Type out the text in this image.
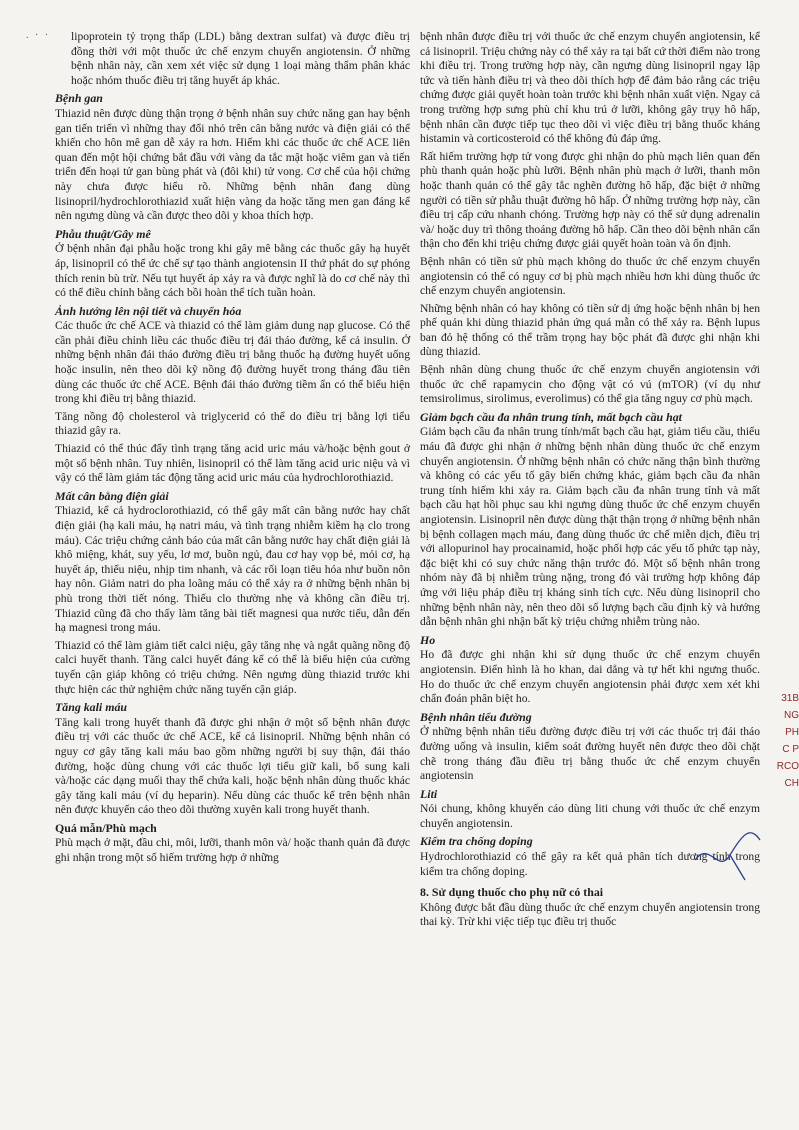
. · ·	lipoprotein tỷ trọng thấp (LDL) bằng dextran sulfat) và được điều trị đồng thời với một thuốc ức chế enzym chuyển angiotensin. Ở những bệnh nhân này, cần xem xét việc sử dụng 1 loại màng thẩm phân khác hoặc nhóm thuốc điều trị tăng huyết áp khác.

Bệnh gan

Thiazid nên được dùng thận trọng ở bệnh nhân suy chức năng gan hay bệnh gan tiến triển vì những thay đổi nhỏ trên cân bằng nước và điện giải có thể khiến cho hôn mê gan dễ xảy ra hơn. Hiếm khi các thuốc ức chế ACE liên quan đến một hội chứng bắt đầu với vàng da tắc mật hoặc viêm gan và tiến triển đến hoại tử gan bùng phát và (đôi khi) tử vong. Cơ chế của hội chứng này chưa được hiểu rõ. Những bệnh nhân đang dùng lisinopril/hydrochlorothiazid xuất hiện vàng da hoặc tăng men gan đáng kể nên ngưng dùng và cần được theo dõi y khoa thích hợp.

Phẫu thuật/Gây mê

Ở bệnh nhân đại phẫu hoặc trong khi gây mê bằng các thuốc gây hạ huyết áp, lisinopril có thể ức chế sự tạo thành angiotensin II thứ phát do sự phóng thích renin bù trừ. Nếu tụt huyết áp xảy ra và được nghĩ là do cơ chế này thì có thể điều chỉnh bằng cách bồi hoàn thể tích tuần hoàn.

Ảnh hưởng lên nội tiết và chuyển hóa

Các thuốc ức chế ACE và thiazid có thể làm giảm dung nạp glucose. Có thể cần phải điều chỉnh liều các thuốc điều trị đái tháo đường, kể cả insulin. Ở những bệnh nhân đái tháo đường điều trị bằng thuốc hạ đường huyết uống hoặc insulin, nên theo dõi kỹ nồng độ đường huyết trong tháng đầu tiên dùng các thuốc ức chế ACE. Bệnh đái tháo đường tiềm ẩn có thể biểu hiện trong khi điều trị bằng thiazid.

Tăng nồng độ cholesterol và triglycerid có thể do điều trị bằng lợi tiểu thiazid gây ra.

Thiazid có thể thúc đẩy tình trạng tăng acid uric máu và/hoặc bệnh gout ở một số bệnh nhân. Tuy nhiên, lisinopril có thể làm tăng acid uric niệu và vì vậy có thể làm giảm tác động tăng acid uric máu của hydrochlorothiazid.

Mất cân bằng điện giải

Thiazid, kể cả hydroclorothiazid, có thể gây mất cân bằng nước hay chất điện giải (hạ kali máu, hạ natri máu, và tình trạng nhiễm kiềm hạ clo trong máu). Các triệu chứng cảnh báo của mất cân bằng nước hay chất điện giải là khô miệng, khát, suy yếu, lơ mơ, buồn ngủ, đau cơ hay vọp bẻ, mỏi cơ, hạ huyết áp, thiểu niệu, nhịp tim nhanh, và các rối loạn tiêu hóa như buồn nôn hay nôn. Giảm natri do pha loãng máu có thể xảy ra ở những bệnh nhân bị phù trong thời tiết nóng. Thiếu clo thường nhẹ và không cần điều trị. Thiazid cũng đã cho thấy làm tăng bài tiết magnesi qua nước tiểu, dẫn đến hạ magnesi trong máu.

Thiazid có thể làm giảm tiết calci niệu, gây tăng nhẹ và ngắt quãng nồng độ calci huyết thanh. Tăng calci huyết đáng kể có thể là biểu hiện của cường tuyến cận giáp không có triệu chứng. Nên ngưng dùng thiazid trước khi thực hiện các thử nghiệm chức năng tuyến cận giáp.

Tăng kali máu

Tăng kali trong huyết thanh đã được ghi nhận ở một số bệnh nhân được điều trị với các thuốc ức chế ACE, kể cả lisinopril. Những bệnh nhân có nguy cơ gây tăng kali máu bao gồm những người bị suy thận, đái tháo đường, hoặc dùng chung với các thuốc lợi tiểu giữ kali, bổ sung kali và/hoặc các dạng muối thay thế chứa kali, hoặc bệnh nhân dùng thuốc khác gây tăng kali máu (ví dụ heparin). Nếu dùng các thuốc kể trên bệnh nhân nên được khuyến cáo theo dõi thường xuyên kali trong huyết thanh.

Quá mẫn/Phù mạch

Phù mạch ở mặt, đầu chi, môi, lưỡi, thanh môn và/ hoặc thanh quản đã được ghi nhận trong một số hiếm trường hợp ở những

bệnh nhân được điều trị với thuốc ức chế enzym chuyển angiotensin, kể cả lisinopril. Triệu chứng này có thể xảy ra tại bất cứ thời điểm nào trong khi điều trị. Trong trường hợp này, cần ngưng dùng lisinopril ngay lập tức và tiến hành điều trị và theo dõi thích hợp để đảm bảo rằng các triệu chứng được giải quyết hoàn toàn trước khi bệnh nhân xuất viện. Ngay cả trong trường hợp sưng phù chỉ khu trú ở lưỡi, không gây trụy hô hấp, bệnh nhân cần được tiếp tục theo dõi vì việc điều trị bằng thuốc kháng histamin và corticosteroid có thể không đủ đáp ứng.

Rất hiếm trường hợp tử vong được ghi nhận do phù mạch liên quan đến phù thanh quản hoặc phù lưỡi. Bệnh nhân phù mạch ở lưỡi, thanh môn hoặc thanh quản có thể gây tắc nghẽn đường hô hấp, đặc biệt ở những người có tiền sử phẫu thuật đường hô hấp. Ở những trường hợp này, cần điều trị cấp cứu nhanh chóng. Trường hợp này có thể sử dụng adrenalin và/ hoặc duy trì thông thoáng đường hô hấp. Cần theo dõi bệnh nhân cẩn thận cho đến khi triệu chứng được giải quyết hoàn toàn và ổn định.

Bệnh nhân có tiền sử phù mạch không do thuốc ức chế enzym chuyển angiotensin có thể có nguy cơ bị phù mạch nhiều hơn khi dùng thuốc ức chế enzym chuyển angiotensin.

Những bệnh nhân có hay không có tiền sử dị ứng hoặc bệnh nhân bị hen phế quản khi dùng thiazid phản ứng quá mẫn có thể xảy ra. Bệnh lupus ban đỏ hệ thống có thể trầm trọng hay bộc phát đã được ghi nhận khi dùng thiazid.

Bệnh nhân dùng chung thuốc ức chế enzym chuyển angiotensin với thuốc ức chế rapamycin cho động vật có vú (mTOR) (ví dụ như temsirolimus, sirolimus, everolimus) có thể gia tăng nguy cơ phù mạch.

Giảm bạch cầu đa nhân trung tính, mất bạch cầu hạt

Giảm bạch cầu đa nhân trung tính/mất bạch cầu hạt, giảm tiểu cầu, thiếu máu đã được ghi nhận ở những bệnh nhân dùng thuốc ức chế enzym chuyển angiotensin. Ở những bệnh nhân có chức năng thận bình thường và không có các yếu tố gây biến chứng khác, giảm bạch cầu đa nhân trung tính hiếm khi xảy ra. Giảm bạch cầu đa nhân trung tính và mất bạch cầu hạt hồi phục sau khi ngưng dùng thuốc ức chế enzym chuyển angiotensin. Lisinopril nên được dùng thật thận trọng ở những bệnh nhân bị bệnh collagen mạch máu, đang dùng thuốc ức chế miễn dịch, điều trị với allopurinol hay procainamid, hoặc phối hợp các yếu tố phức tạp này, đặc biệt khi có suy chức năng thận trước đó. Một số bệnh nhân trong nhóm này đã bị nhiễm trùng nặng, trong đó vài trường hợp không đáp ứng với liệu pháp điều trị kháng sinh tích cực. Nếu dùng lisinopril cho những bệnh nhân này, nên theo dõi số lượng bạch cầu định kỳ và hướng dẫn bệnh nhân ghi nhận bất kỳ triệu chứng nhiễm trùng nào.

Ho

Ho đã được ghi nhận khi sử dụng thuốc ức chế enzym chuyển angiotensin. Điển hình là ho khan, dai dẳng và tự hết khi ngưng thuốc. Ho do thuốc ức chế enzym chuyển angiotensin phải được xem xét khi chẩn đoán phân biệt ho.

Bệnh nhân tiểu đường

Ở những bệnh nhân tiểu đường được điều trị với các thuốc trị đái tháo đường uống và insulin, kiểm soát đường huyết nên được theo dõi chặt chẽ trong tháng đầu điều trị bằng thuốc ức chế enzym chuyển angiotensin

Liti

Nói chung, không khuyến cáo dùng liti chung với thuốc ức chế enzym chuyển angiotensin.

Kiểm tra chống doping

Hydrochlorothiazid có thể gây ra kết quả phân tích dương tính trong kiểm tra chống doping.

8. Sử dụng thuốc cho phụ nữ có thai

Không được bắt đầu dùng thuốc ức chế enzym chuyển angiotensin trong thai kỳ. Trừ khi việc tiếp tục điều trị thuốc

31B
NG
PH
C P
RCO
CH
